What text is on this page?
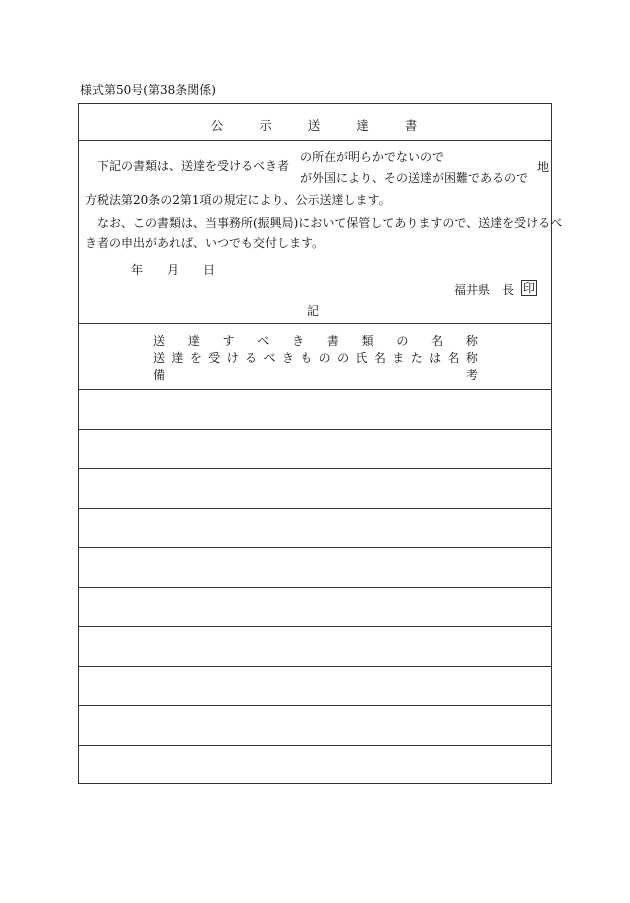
様式第50号(第38条関係)
公	示	送	達	書
下記の書類は、送達を受けるべき者
の所在が明らかでないので
が外国により、その送達が困難であるので
地
方税法第20条の2第1項の規定により、公示送達します。
なお、この書類は、当事務所(振興局)において保管してありますので、送達を受けるべ
き者の申出があれば、いつでも交付します。
年 月 日
福井県　長 印
記
送 達 す べ き 書 類 の 名 称
送 達 を 受 け る べ き も の の 氏 名 ま た は 名 称
備	考
